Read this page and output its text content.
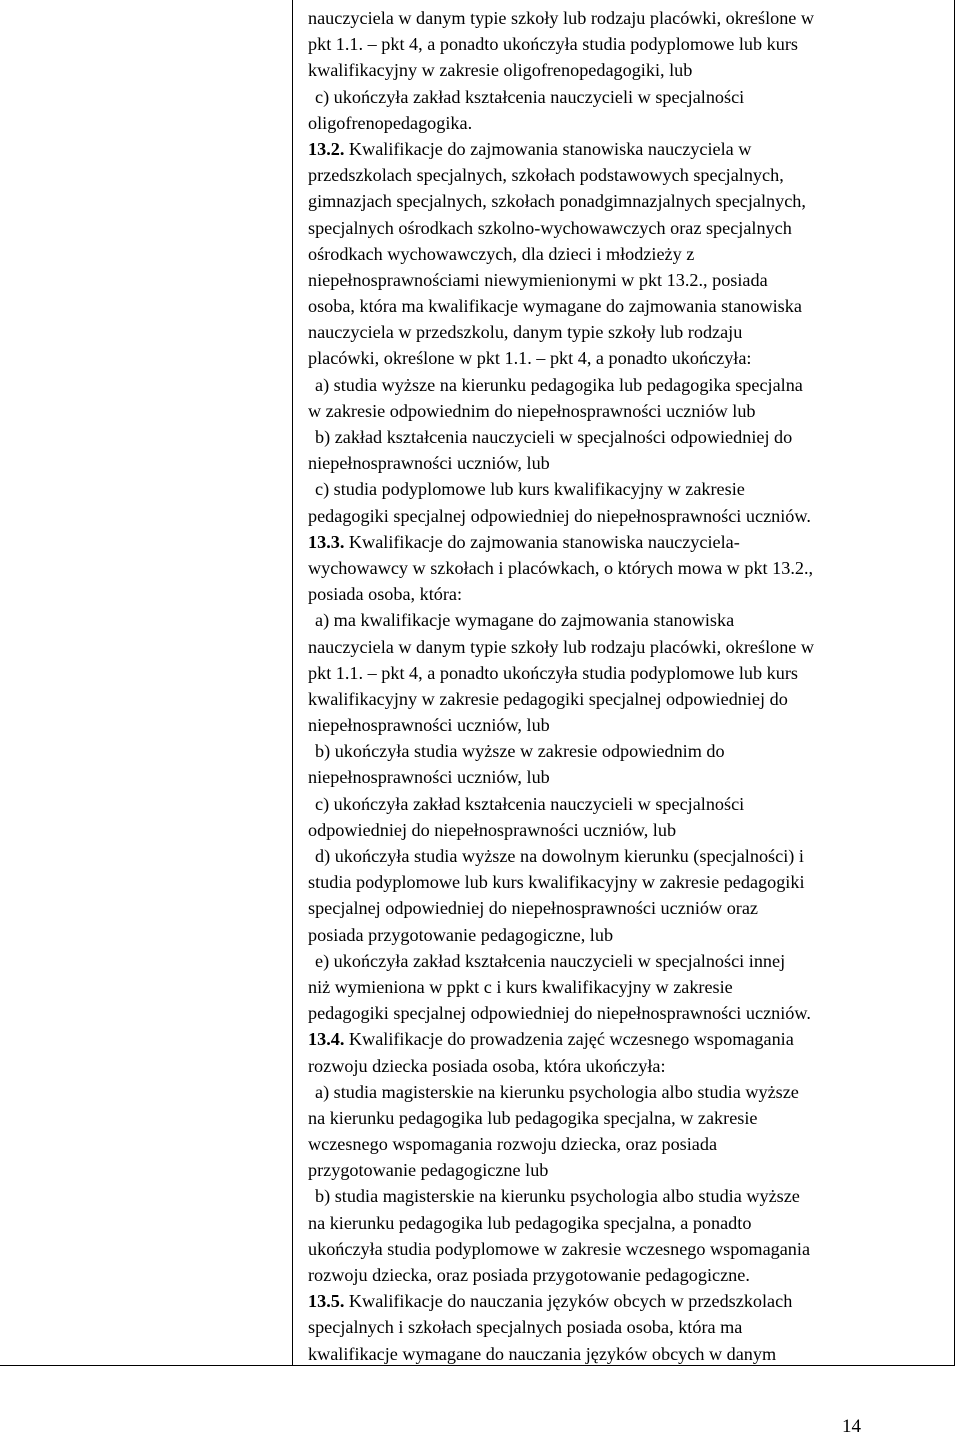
nauczyciela w danym typie szkoły lub rodzaju placówki, określone w
pkt 1.1. – pkt 4, a ponadto ukończyła studia podyplomowe lub kurs
kwalifikacyjny w zakresie oligofrenopedagogiki, lub
c) ukończyła zakład kształcenia nauczycieli w specjalności
oligofrenopedagogika.
13.2. Kwalifikacje do zajmowania stanowiska nauczyciela w
przedszkolach specjalnych, szkołach podstawowych specjalnych,
gimnazjach specjalnych, szkołach ponadgimnazjalnych specjalnych,
specjalnych ośrodkach szkolno-wychowawczych oraz specjalnych
ośrodkach wychowawczych, dla dzieci i młodzieży z
niepełnosprawnościami niewymienionymi w pkt 13.2., posiada
osoba, która ma kwalifikacje wymagane do zajmowania stanowiska
nauczyciela w przedszkolu, danym typie szkoły lub rodzaju
placówki, określone w pkt 1.1. – pkt 4, a ponadto ukończyła:
a) studia wyższe na kierunku pedagogika lub pedagogika specjalna
w zakresie odpowiednim do niepełnosprawności uczniów lub
b) zakład kształcenia nauczycieli w specjalności odpowiedniej do
niepełnosprawności uczniów, lub
c) studia podyplomowe lub kurs kwalifikacyjny w zakresie
pedagogiki specjalnej odpowiedniej do niepełnosprawności uczniów.
13.3. Kwalifikacje do zajmowania stanowiska nauczyciela-
wychowawcy w szkołach i placówkach, o których mowa w pkt 13.2.,
posiada osoba, która:
a) ma kwalifikacje wymagane do zajmowania stanowiska
nauczyciela w danym typie szkoły lub rodzaju placówki, określone w
pkt 1.1. – pkt 4, a ponadto ukończyła studia podyplomowe lub kurs
kwalifikacyjny w zakresie pedagogiki specjalnej odpowiedniej do
niepełnosprawności uczniów, lub
b) ukończyła studia wyższe w zakresie odpowiednim do
niepełnosprawności uczniów, lub
c) ukończyła zakład kształcenia nauczycieli w specjalności
odpowiedniej do niepełnosprawności uczniów, lub
d) ukończyła studia wyższe na dowolnym kierunku (specjalności) i
studia podyplomowe lub kurs kwalifikacyjny w zakresie pedagogiki
specjalnej odpowiedniej do niepełnosprawności uczniów oraz
posiada przygotowanie pedagogiczne, lub
e) ukończyła zakład kształcenia nauczycieli w specjalności innej
niż wymieniona w ppkt c i kurs kwalifikacyjny w zakresie
pedagogiki specjalnej odpowiedniej do niepełnosprawności uczniów.
13.4. Kwalifikacje do prowadzenia zajęć wczesnego wspomagania
rozwoju dziecka posiada osoba, która ukończyła:
a) studia magisterskie na kierunku psychologia albo studia wyższe
na kierunku pedagogika lub pedagogika specjalna, w zakresie
wczesnego wspomagania rozwoju dziecka, oraz posiada
przygotowanie pedagogiczne lub
b) studia magisterskie na kierunku psychologia albo studia wyższe
na kierunku pedagogika lub pedagogika specjalna, a ponadto
ukończyła studia podyplomowe w zakresie wczesnego wspomagania
rozwoju dziecka, oraz posiada przygotowanie pedagogiczne.
13.5. Kwalifikacje do nauczania języków obcych w przedszkolach
specjalnych i szkołach specjalnych posiada osoba, która ma
kwalifikacje wymagane do nauczania języków obcych w danym
14
